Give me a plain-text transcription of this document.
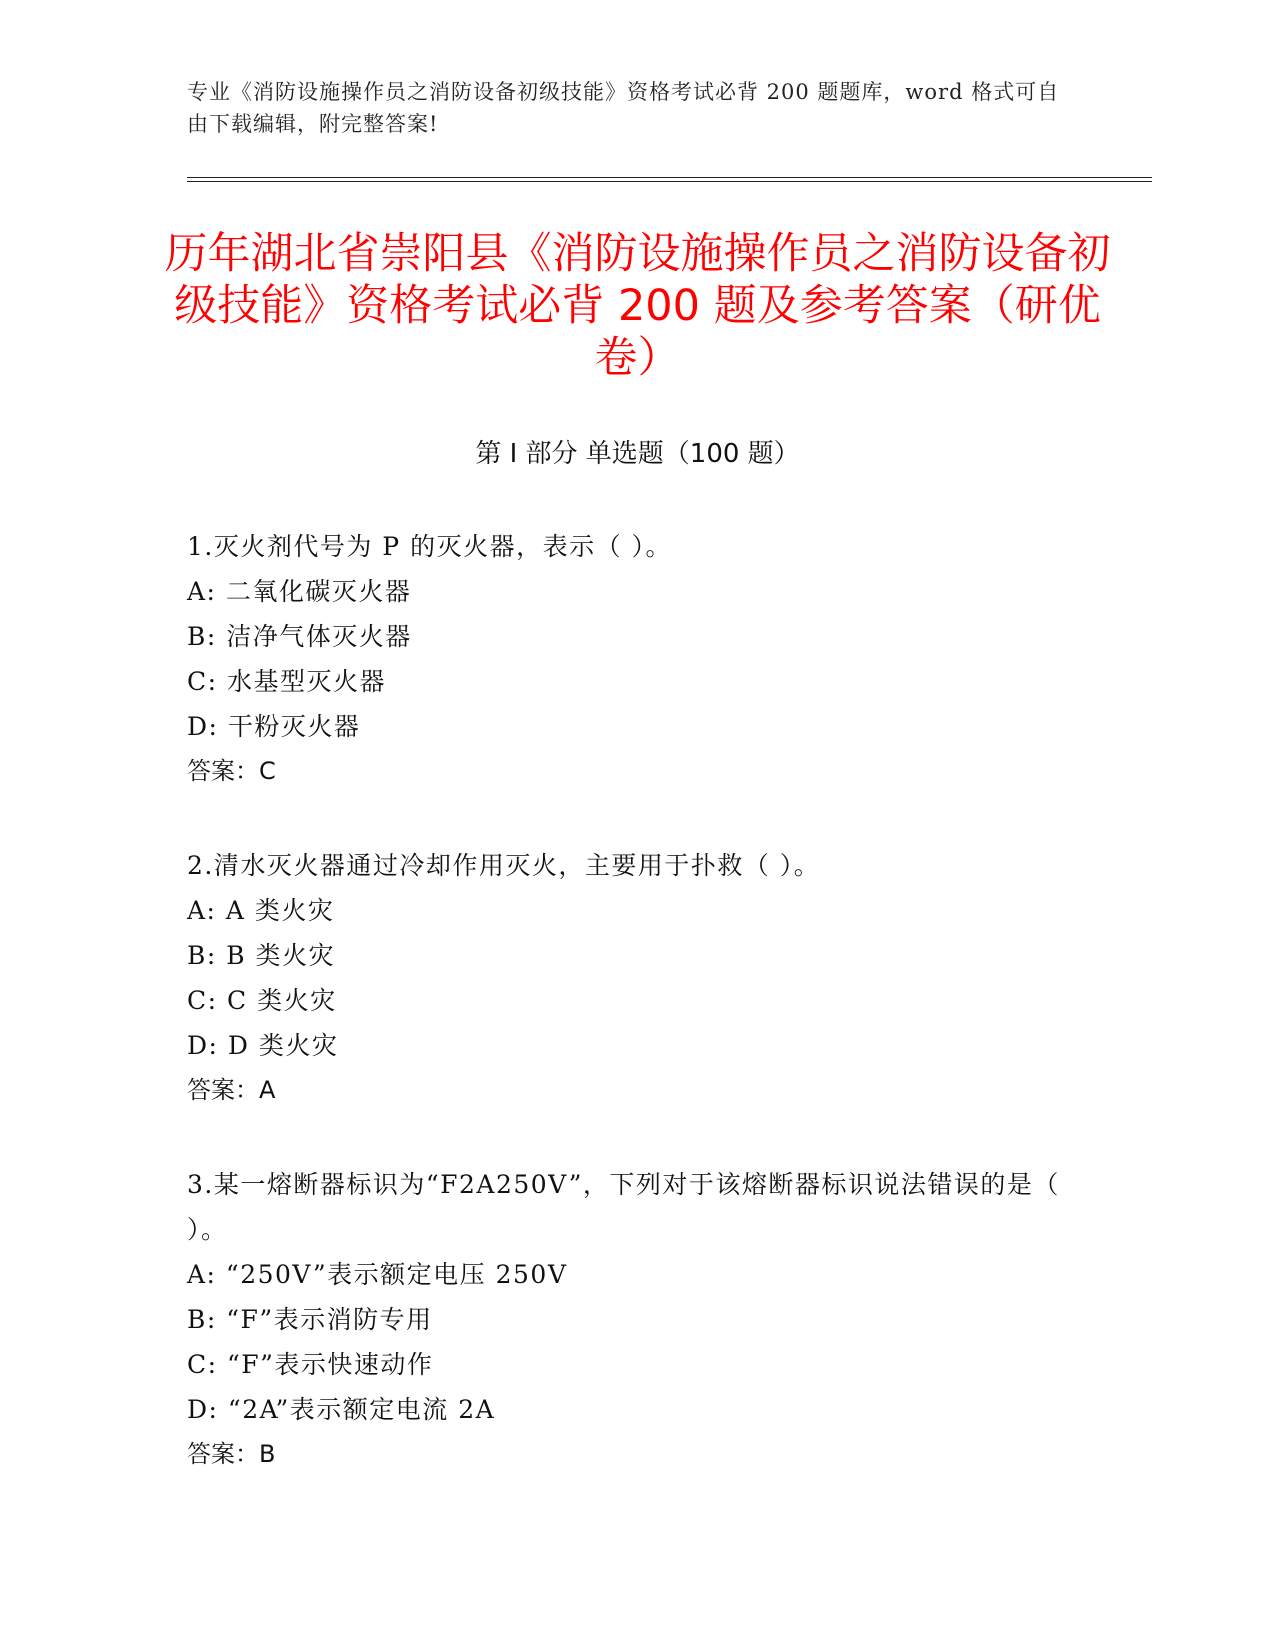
专业《消防设施操作员之消防设备初级技能》资格考试必背 200 题题库，word 格式可自由下载编辑，附完整答案!
历年湖北省崇阳县《消防设施操作员之消防设备初级技能》资格考试必背 200 题及参考答案（研优卷）
第 I 部分 单选题（100 题）
1.灭火剂代号为 P 的灭火器，表示（ ）。
A: 二氧化碳灭火器
B: 洁净气体灭火器
C: 水基型灭火器
D: 干粉灭火器
答案：C
2.清水灭火器通过冷却作用灭火，主要用于扑救（ ）。
A: A 类火灾
B: B 类火灾
C: C 类火灾
D: D 类火灾
答案：A
3.某一熔断器标识为“F2A250V”，下列对于该熔断器标识说法错误的是（ ）。
A: “250V”表示额定电压 250V
B: “F”表示消防专用
C: “F”表示快速动作
D: “2A”表示额定电流 2A
答案：B
